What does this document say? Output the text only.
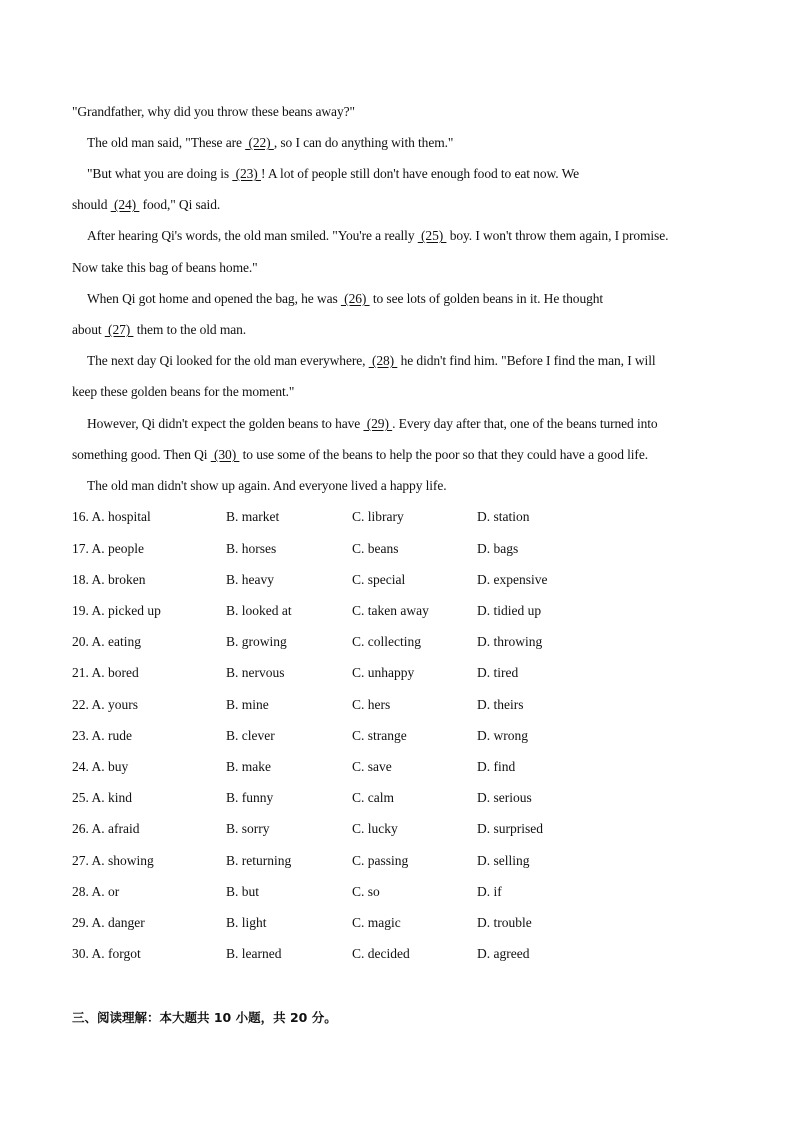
"Grandfather, why did you throw these beans away?"
The old man said, "These are  (22) , so I can do anything with them."
"But what you are doing is  (23) ! A lot of people still don't have enough food to eat now. We
should  (24)  food," Qi said.
After hearing Qi's words, the old man smiled. "You're a really  (25)  boy. I won't throw them again, I promise.
Now take this bag of beans home."
When Qi got home and opened the bag, he was  (26)  to see lots of golden beans in it. He thought
about  (27)  them to the old man.
The next day Qi looked for the old man everywhere,  (28)  he didn't find him. "Before I find the man, I will
keep these golden beans for the moment."
However, Qi didn't expect the golden beans to have  (29) . Every day after that, one of the beans turned into
something good. Then Qi  (30)  to use some of the beans to help the poor so that they could have a good life.
The old man didn't show up again. And everyone lived a happy life.
16. A. hospital	B. market	C. library	D. station
17. A. people	B. horses	C. beans	D. bags
18. A. broken	B. heavy	C. special	D. expensive
19. A. picked up	B. looked at	C. taken away	D. tidied up
20. A. eating	B. growing	C. collecting	D. throwing
21. A. bored	B. nervous	C. unhappy	D. tired
22. A. yours	B. mine	C. hers	D. theirs
23. A. rude	B. clever	C. strange	D. wrong
24. A. buy	B. make	C. save	D. find
25. A. kind	B. funny	C. calm	D. serious
26. A. afraid	B. sorry	C. lucky	D. surprised
27. A. showing	B. returning	C. passing	D. selling
28. A. or	B. but	C. so	D. if
29. A. danger	B. light	C. magic	D. trouble
30. A. forgot	B. learned	C. decided	D. agreed
三、阅读理解：本大题共 10 小题，共 20 分。
